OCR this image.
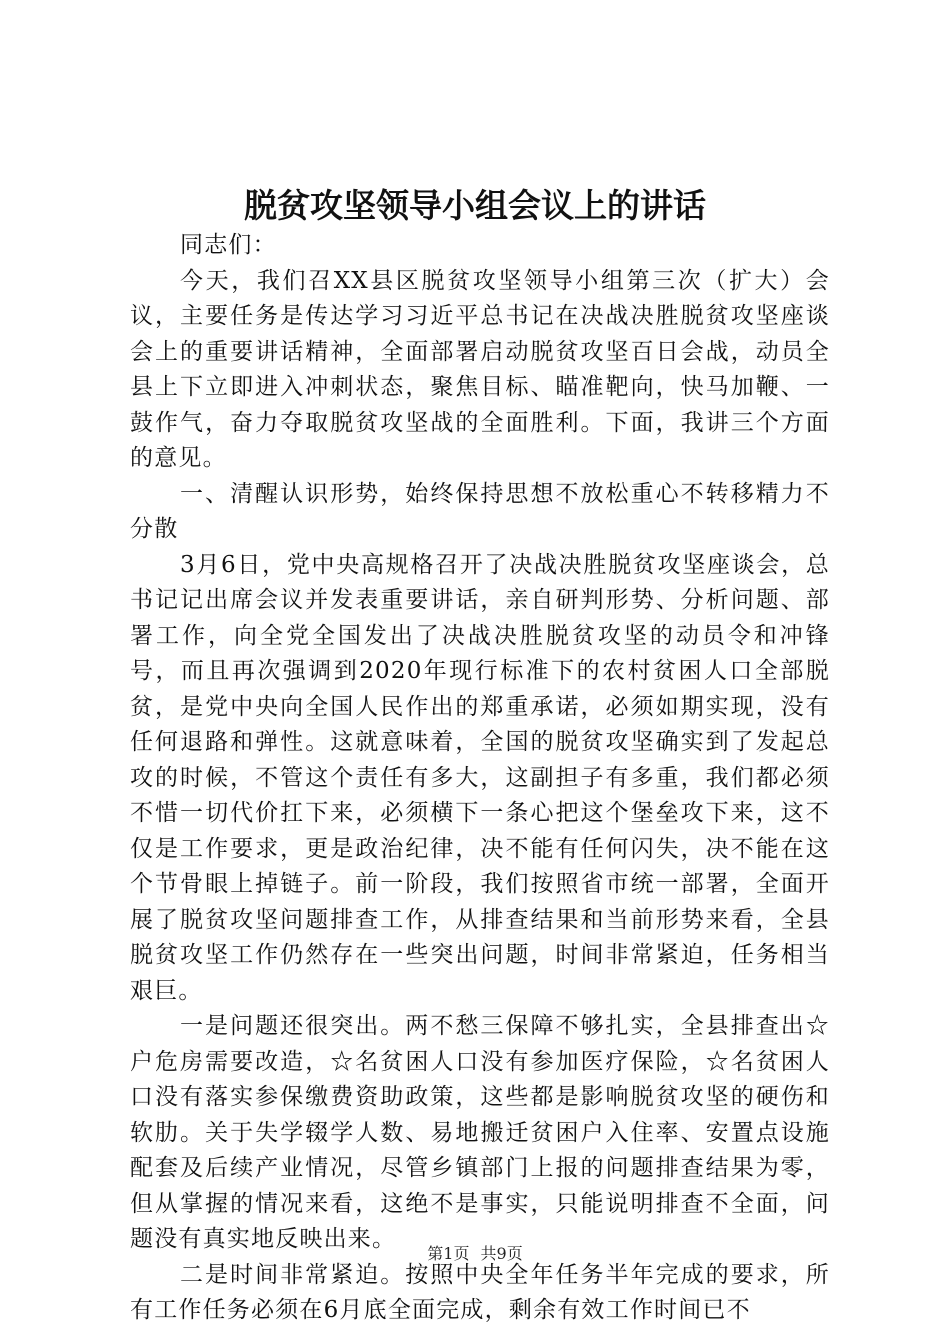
脱贫攻坚领导小组会议上的讲话

同志们：

今天，我们召XX县区脱贫攻坚领导小组第三次（扩大）会议，主要任务是传达学习习近平总书记在决战决胜脱贫攻坚座谈会上的重要讲话精神，全面部署启动脱贫攻坚百日会战，动员全县上下立即进入冲刺状态，聚焦目标、瞄准靶向，快马加鞭、一鼓作气，奋力夺取脱贫攻坚战的全面胜利。下面，我讲三个方面的意见。

一、清醒认识形势，始终保持思想不放松重心不转移精力不分散

3月6日，党中央高规格召开了决战决胜脱贫攻坚座谈会，总书记记出席会议并发表重要讲话，亲自研判形势、分析问题、部署工作，向全党全国发出了决战决胜脱贫攻坚的动员令和冲锋号，而且再次强调到2020年现行标准下的农村贫困人口全部脱贫，是党中央向全国人民作出的郑重承诺，必须如期实现，没有任何退路和弹性。这就意味着，全国的脱贫攻坚确实到了发起总攻的时候，不管这个责任有多大，这副担子有多重，我们都必须不惜一切代价扛下来，必须横下一条心把这个堡垒攻下来，这不仅是工作要求，更是政治纪律，决不能有任何闪失，决不能在这个节骨眼上掉链子。前一阶段，我们按照省市统一部署，全面开展了脱贫攻坚问题排查工作，从排查结果和当前形势来看，全县脱贫攻坚工作仍然存在一些突出问题，时间非常紧迫，任务相当艰巨。

一是问题还很突出。两不愁三保障不够扎实，全县排查出☆户危房需要改造，☆名贫困人口没有参加医疗保险，☆名贫困人口没有落实参保缴费资助政策，这些都是影响脱贫攻坚的硬伤和软肋。关于失学辍学人数、易地搬迁贫困户入住率、安置点设施配套及后续产业情况，尽管乡镇部门上报的问题排查结果为零，但从掌握的情况来看，这绝不是事实，只能说明排查不全面，问题没有真实地反映出来。

二是时间非常紧迫。按照中央全年任务半年完成的要求，所有工作任务必须在6月底全面完成，剩余有效工作时间已不

第1页 共9页
